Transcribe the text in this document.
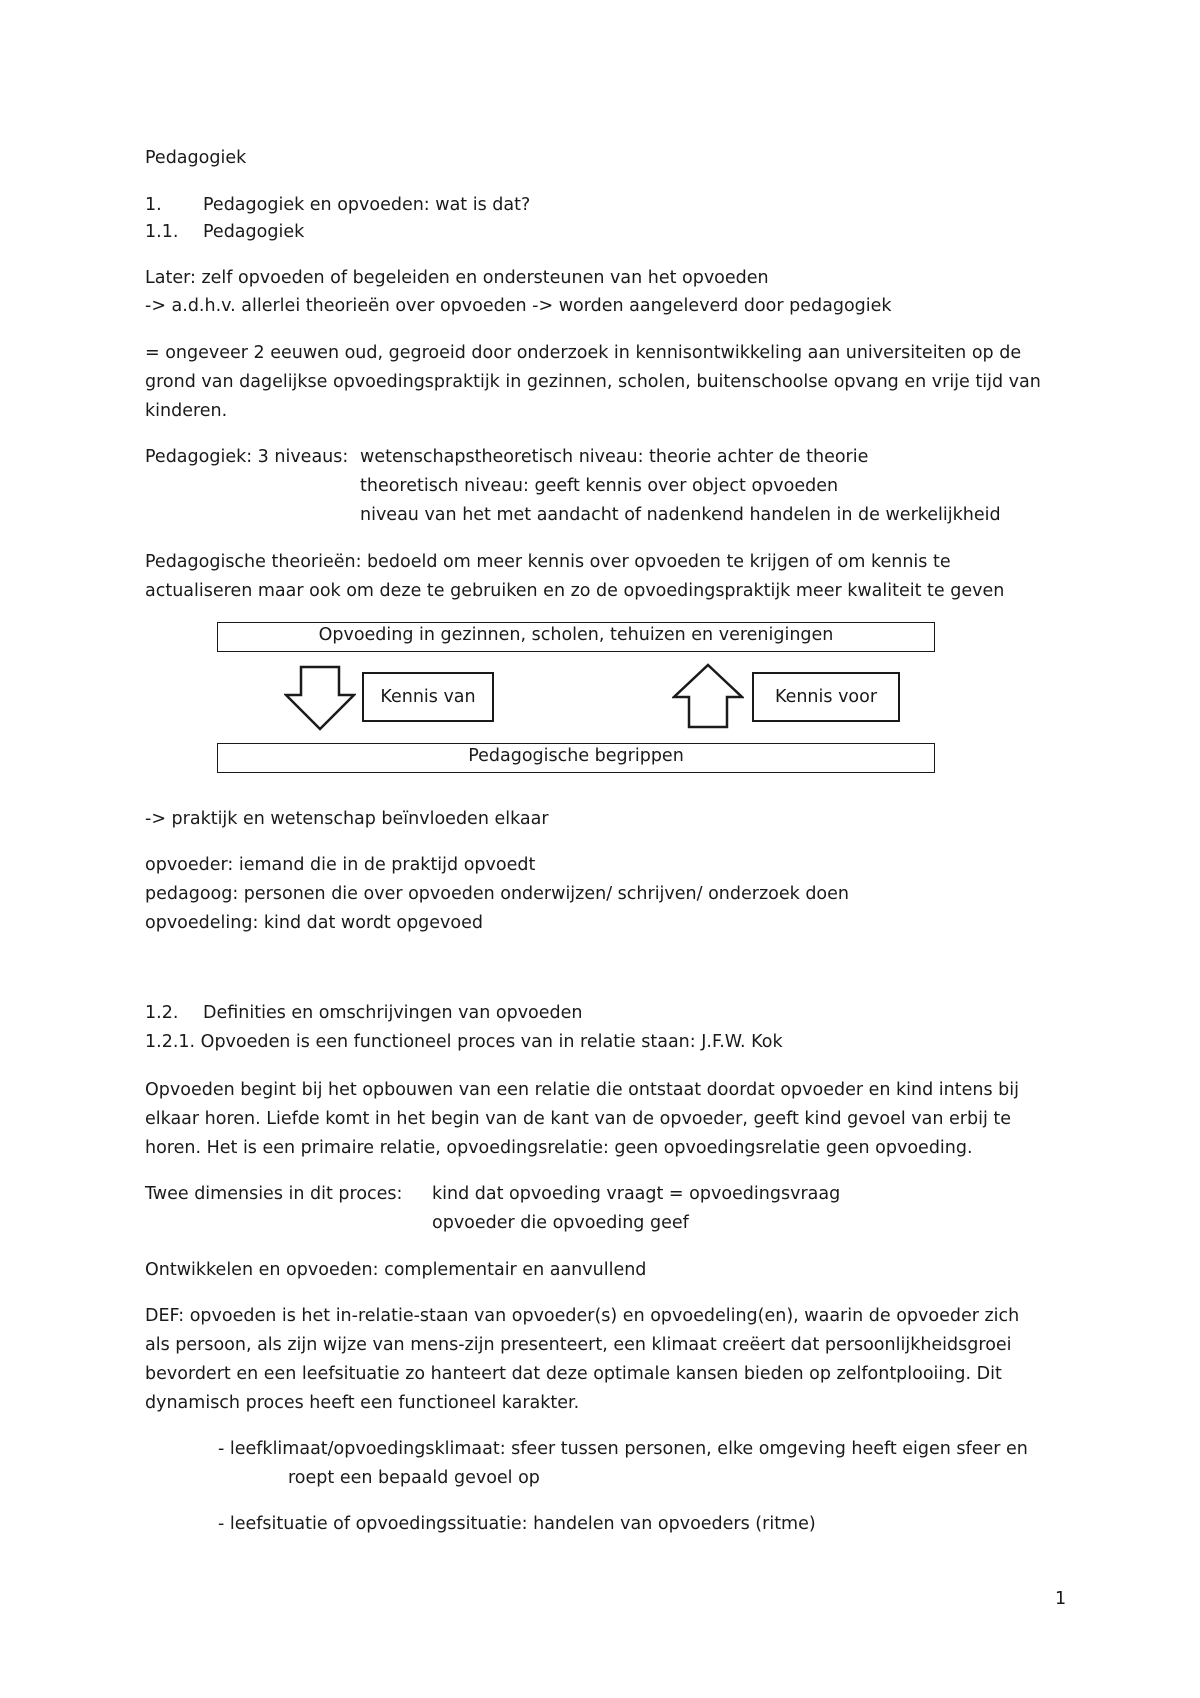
Pedagogiek
1. Pedagogiek en opvoeden: wat is dat?
1.1. Pedagogiek
Later: zelf opvoeden of begeleiden en ondersteunen van het opvoeden
-> a.d.h.v. allerlei theorieën over opvoeden -> worden aangeleverd door pedagogiek
= ongeveer 2 eeuwen oud, gegroeid door onderzoek in kennisontwikkeling aan universiteiten op de
grond van dagelijkse opvoedingspraktijk in gezinnen, scholen, buitenschoolse opvang en vrije tijd van
kinderen.
Pedagogiek: 3 niveaus: wetenschapstheoretisch niveau: theorie achter de theorie
theoretisch niveau: geeft kennis over object opvoeden
niveau van het met aandacht of nadenkend handelen in de werkelijkheid
Pedagogische theorieën: bedoeld om meer kennis over opvoeden te krijgen of om kennis te
actualiseren maar ook om deze te gebruiken en zo de opvoedingspraktijk meer kwaliteit te geven
Opvoeding in gezinnen, scholen, tehuizen en verenigingen
Kennis van	Kennis voor
Pedagogische begrippen
-> praktijk en wetenschap beïnvloeden elkaar
opvoeder: iemand die in de praktijd opvoedt
pedagoog: personen die over opvoeden onderwijzen/ schrijven/ onderzoek doen
opvoedeling: kind dat wordt opgevoed
1.2. Definities en omschrijvingen van opvoeden
1.2.1. Opvoeden is een functioneel proces van in relatie staan: J.F.W. Kok
Opvoeden begint bij het opbouwen van een relatie die ontstaat doordat opvoeder en kind intens bij
elkaar horen. Liefde komt in het begin van de kant van de opvoeder, geeft kind gevoel van erbij te
horen. Het is een primaire relatie, opvoedingsrelatie: geen opvoedingsrelatie geen opvoeding.
Twee dimensies in dit proces: kind dat opvoeding vraagt = opvoedingsvraag
opvoeder die opvoeding geef
Ontwikkelen en opvoeden: complementair en aanvullend
DEF: opvoeden is het in-relatie-staan van opvoeder(s) en opvoedeling(en), waarin de opvoeder zich
als persoon, als zijn wijze van mens-zijn presenteert, een klimaat creëert dat persoonlijkheidsgroei
bevordert en een leefsituatie zo hanteert dat deze optimale kansen bieden op zelfontplooiing. Dit
dynamisch proces heeft een functioneel karakter.
- leefklimaat/opvoedingsklimaat: sfeer tussen personen, elke omgeving heeft eigen sfeer en
roept een bepaald gevoel op
- leefsituatie of opvoedingssituatie: handelen van opvoeders (ritme)
1
